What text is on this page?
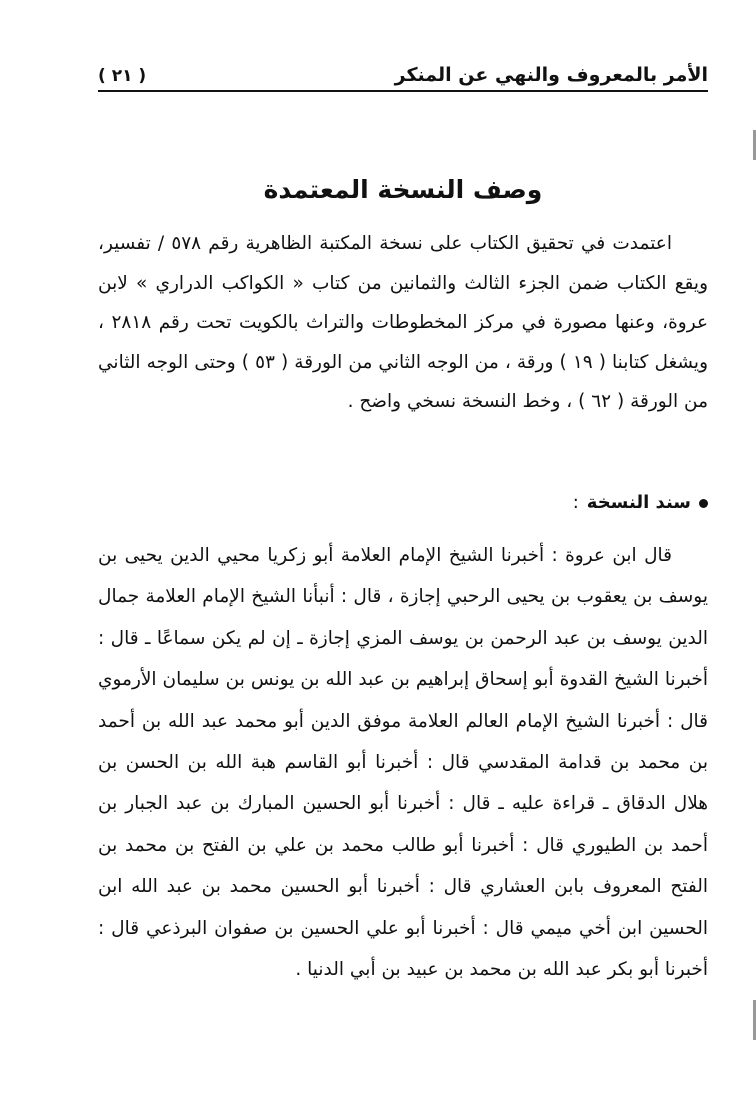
( ٢١ )	الأمر بالمعروف والنهي عن المنكر
وصف النسخة المعتمدة

اعتمدت في تحقيق الكتاب على نسخة المكتبة الظاهرية رقم ٥٧٨ / تفسير، ويقع الكتاب ضمن الجزء الثالث والثمانين من كتاب « الكواكب الدراري » لابن عروة، وعنها مصورة في مركز المخطوطات والتراث بالكويت تحت رقم ٢٨١٨ ، ويشغل كتابنا ( ١٩ ) ورقة ، من الوجه الثاني من الورقة ( ٥٣ ) وحتى الوجه الثاني من الورقة ( ٦٢ ) ، وخط النسخة نسخي واضح .

سند النسخة
:

قال ابن عروة : أخبرنا الشيخ الإمام العلامة أبو زكريا محيي الدين يحيى بن يوسف بن يعقوب بن يحيى الرحبي إجازة ، قال : أنبأنا الشيخ الإمام العلامة جمال الدين يوسف بن عبد الرحمن بن يوسف المزي إجازة ـ إن لم يكن سماعًا ـ قال : أخبرنا الشيخ القدوة أبو إسحاق إبراهيم بن عبد الله بن يونس بن سليمان الأرموي قال : أخبرنا الشيخ الإمام العالم العلامة موفق الدين أبو محمد عبد الله بن أحمد بن محمد بن قدامة المقدسي قال : أخبرنا أبو القاسم هبة الله بن الحسن بن هلال الدقاق ـ قراءة عليه ـ قال : أخبرنا أبو الحسين المبارك بن عبد الجبار بن أحمد بن الطيوري قال : أخبرنا أبو طالب محمد بن علي بن الفتح بن محمد بن الفتح المعروف بابن العشاري قال : أخبرنا أبو الحسين محمد بن عبد الله ابن الحسين ابن أخي ميمي قال : أخبرنا أبو علي الحسين بن صفوان البرذعي قال : أخبرنا أبو بكر عبد الله بن محمد بن عبيد بن أبي الدنيا .
